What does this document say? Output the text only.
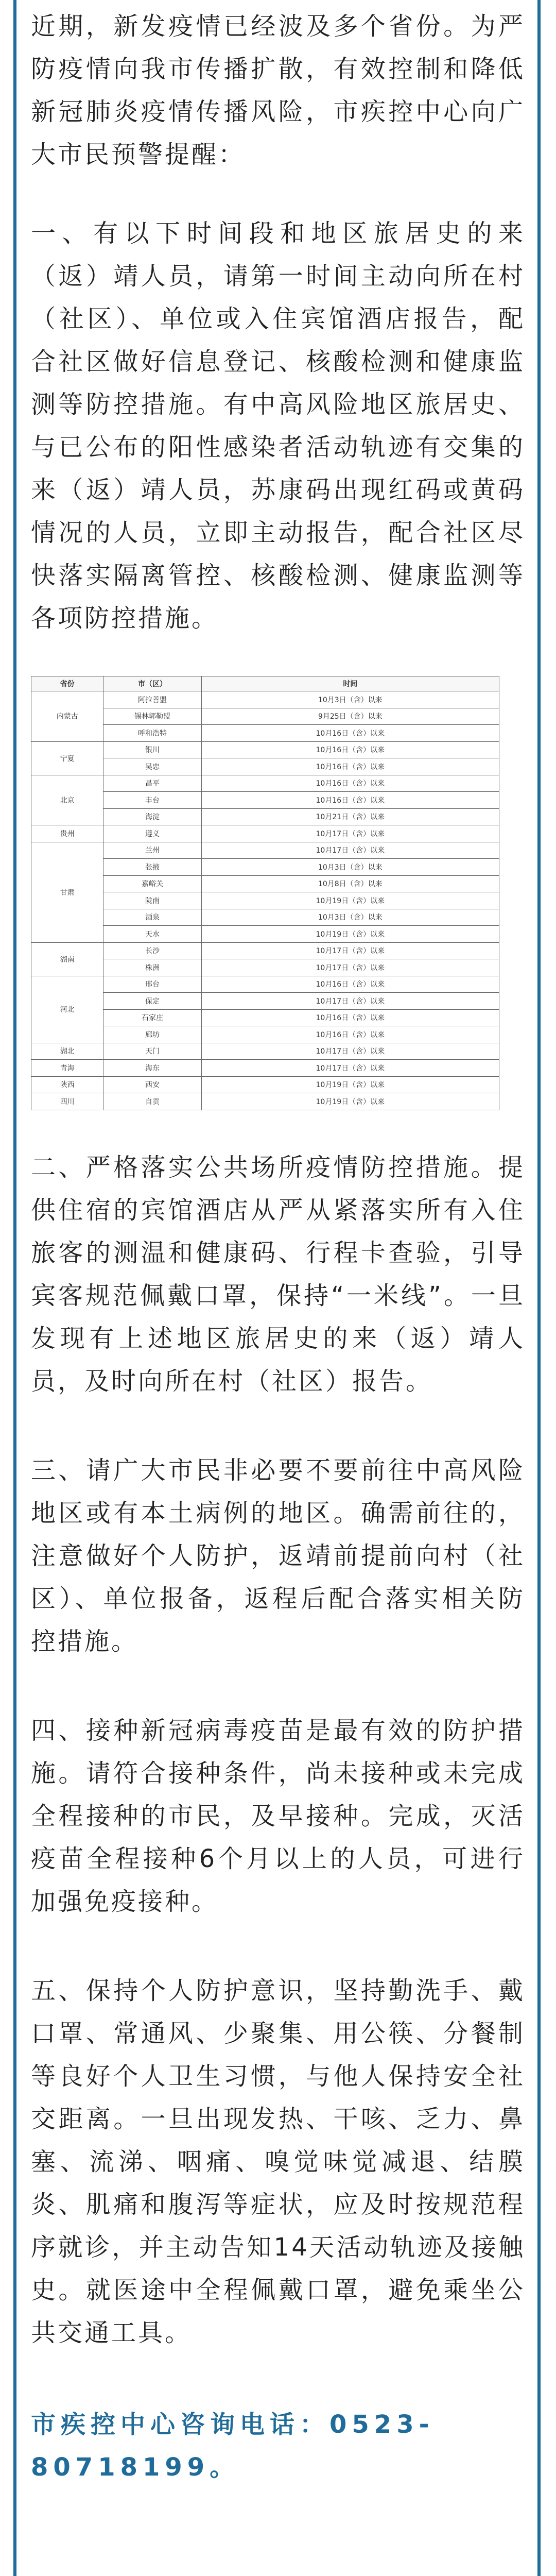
近期，新发疫情已经波及多个省份。为严防疫情向我市传播扩散，有效控制和降低新冠肺炎疫情传播风险，市疾控中心向广大市民预警提醒：

一、有以下时间段和地区旅居史的来（返）靖人员，请第一时间主动向所在村（社区）、单位或入住宾馆酒店报告，配合社区做好信息登记、核酸检测和健康监测等防控措施。有中高风险地区旅居史、与已公布的阳性感染者活动轨迹有交集的来（返）靖人员，苏康码出现红码或黄码情况的人员，立即主动报告，配合社区尽快落实隔离管控、核酸检测、健康监测等各项防控措施。

省份	市（区）	时间
内蒙古	阿拉善盟	10月3日（含）以来
	锡林郭勒盟	9月25日（含）以来
	呼和浩特	10月16日（含）以来
宁夏	银川	10月16日（含）以来
	吴忠	10月16日（含）以来
北京	昌平	10月16日（含）以来
	丰台	10月16日（含）以来
	海淀	10月21日（含）以来
贵州	遵义	10月17日（含）以来
甘肃	兰州	10月17日（含）以来
	张掖	10月3日（含）以来
	嘉峪关	10月8日（含）以来
	陇南	10月19日（含）以来
	酒泉	10月3日（含）以来
	天水	10月19日（含）以来
湖南	长沙	10月17日（含）以来
	株洲	10月17日（含）以来
河北	邢台	10月16日（含）以来
	保定	10月17日（含）以来
	石家庄	10月16日（含）以来
	廊坊	10月16日（含）以来
湖北	天门	10月17日（含）以来
青海	海东	10月17日（含）以来
陕西	西安	10月19日（含）以来
四川	自贡	10月19日（含）以来

二、严格落实公共场所疫情防控措施。提供住宿的宾馆酒店从严从紧落实所有入住旅客的测温和健康码、行程卡查验，引导宾客规范佩戴口罩，保持“一米线”。一旦发现有上述地区旅居史的来（返）靖人员，及时向所在村（社区）报告。

三、请广大市民非必要不要前往中高风险地区或有本土病例的地区。确需前往的，注意做好个人防护，返靖前提前向村（社区）、单位报备，返程后配合落实相关防控措施。

四、接种新冠病毒疫苗是最有效的防护措施。请符合接种条件，尚未接种或未完成全程接种的市民，及早接种。完成，灭活疫苗全程接种6个月以上的人员，可进行加强免疫接种。

五、保持个人防护意识，坚持勤洗手、戴口罩、常通风、少聚集、用公筷、分餐制等良好个人卫生习惯，与他人保持安全社交距离。一旦出现发热、干咳、乏力、鼻塞、流涕、咽痛、嗅觉味觉减退、结膜炎、肌痛和腹泻等症状，应及时按规范程序就诊，并主动告知14天活动轨迹及接触史。就医途中全程佩戴口罩，避免乘坐公共交通工具。

市疾控中心咨询电话：0523-80718199。
